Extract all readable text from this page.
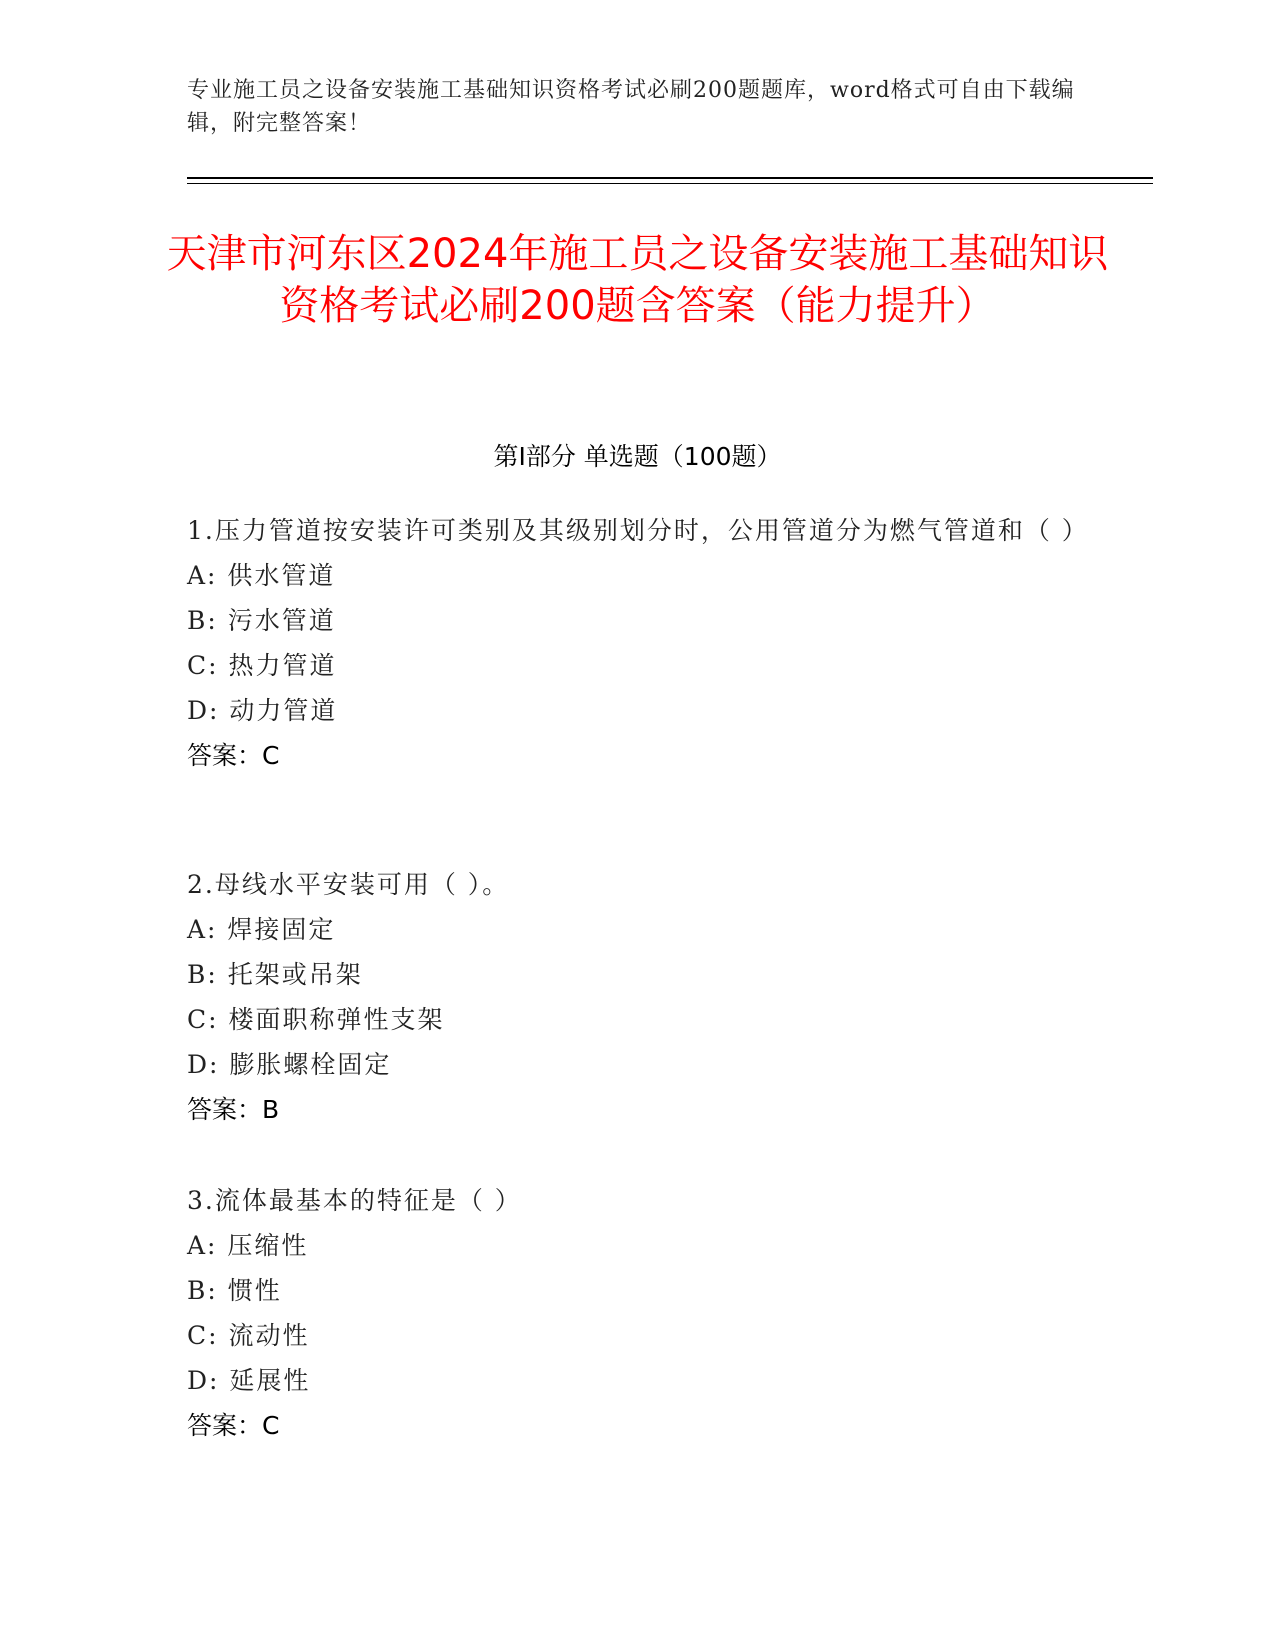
专业施工员之设备安装施工基础知识资格考试必刷200题题库，word格式可自由下载编辑，附完整答案！
天津市河东区2024年施工员之设备安装施工基础知识资格考试必刷200题含答案（能力提升）
第Ⅰ部分 单选题（100题）
1.压力管道按安装许可类别及其级别划分时，公用管道分为燃气管道和（ ）
A: 供水管道
B: 污水管道
C: 热力管道
D: 动力管道
答案：C
2.母线水平安装可用（ ）。
A: 焊接固定
B: 托架或吊架
C: 楼面职称弹性支架
D: 膨胀螺栓固定
答案：B
3.流体最基本的特征是（ ）
A: 压缩性
B: 惯性
C: 流动性
D: 延展性
答案：C
